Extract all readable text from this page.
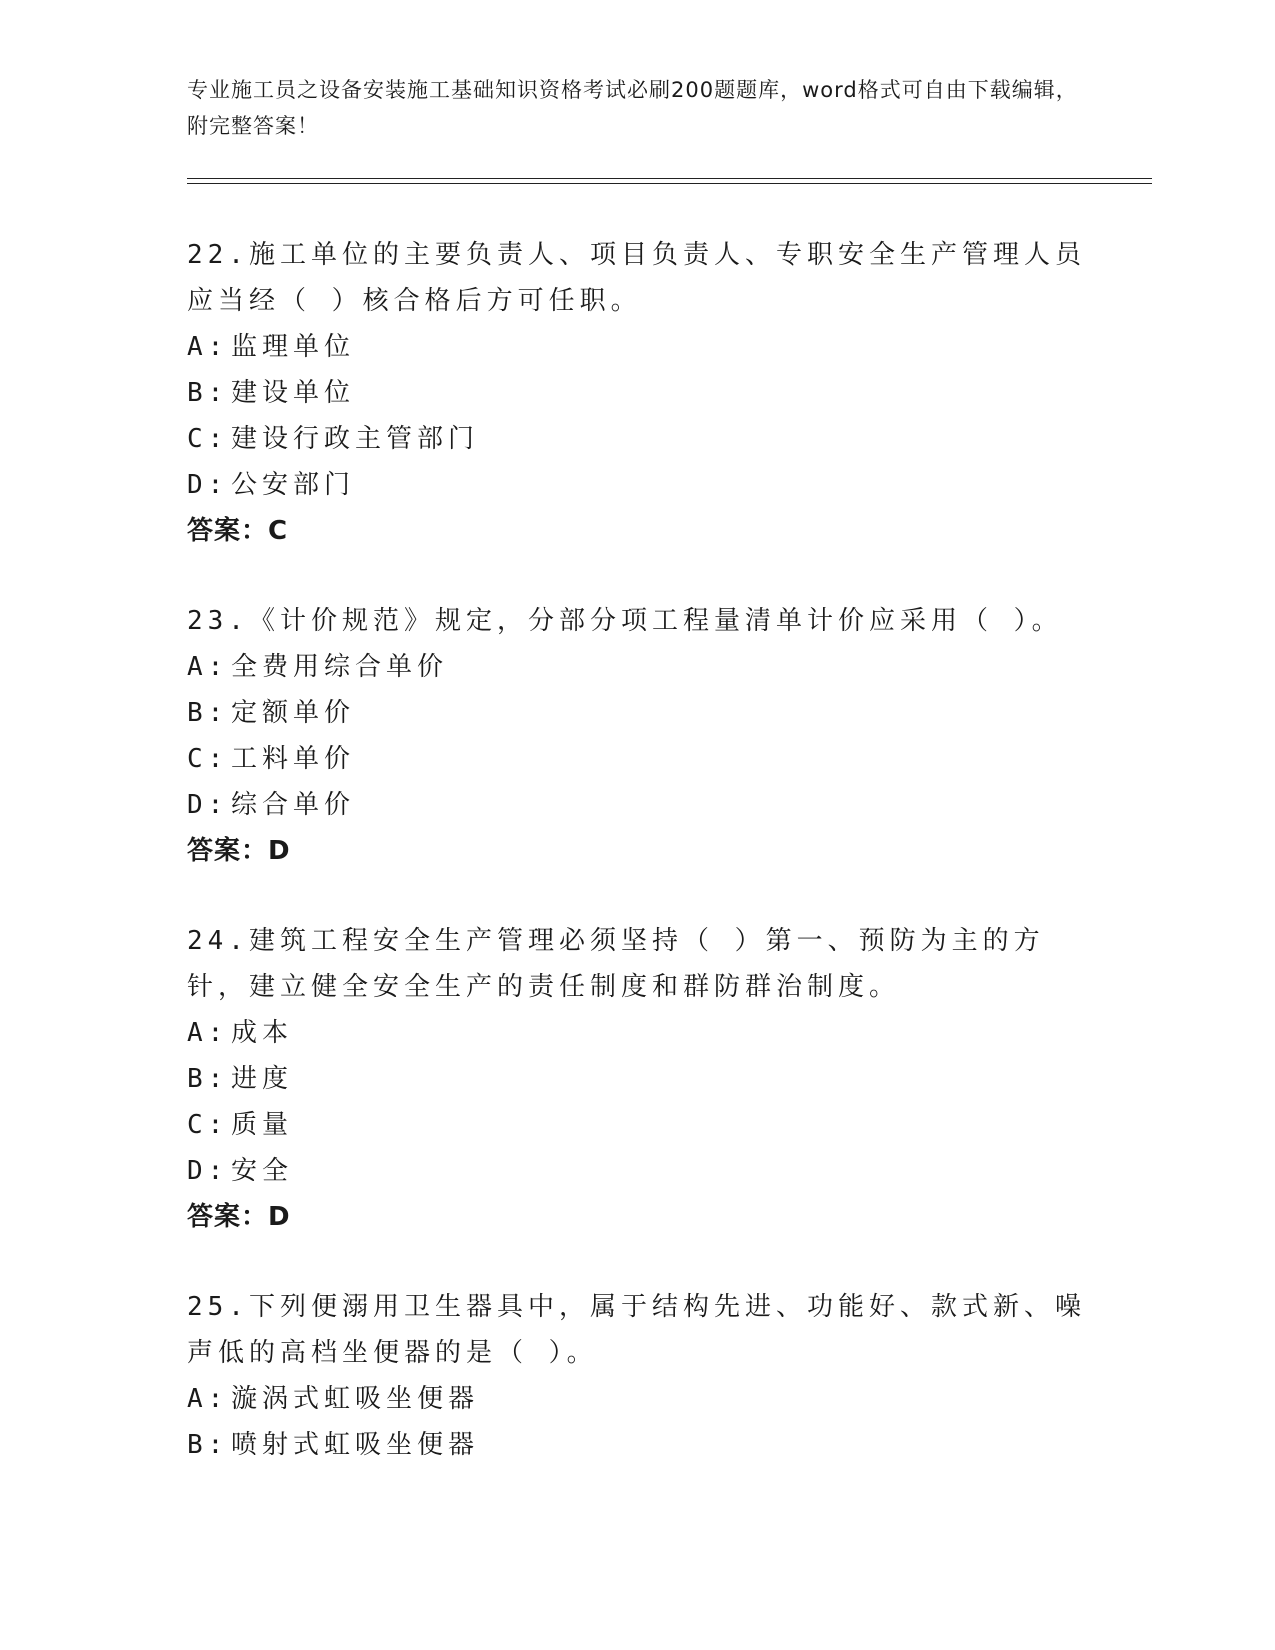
专业施工员之设备安装施工基础知识资格考试必刷200题题库，word格式可自由下载编辑，附完整答案！

22.施工单位的主要负责人、项目负责人、专职安全生产管理人员应当经（ ）核合格后方可任职。

A: 监理单位
B: 建设单位
C: 建设行政主管部门
D: 公安部门

答案：C

23.《计价规范》规定，分部分项工程量清单计价应采用（ ）。

A: 全费用综合单价
B: 定额单价
C: 工料单价
D: 综合单价

答案：D

24.建筑工程安全生产管理必须坚持（ ）第一、预防为主的方针，建立健全安全生产的责任制度和群防群治制度。

A: 成本
B: 进度
C: 质量
D: 安全

答案：D

25.下列便溺用卫生器具中，属于结构先进、功能好、款式新、噪声低的高档坐便器的是（ ）。

A: 漩涡式虹吸坐便器
B: 喷射式虹吸坐便器
